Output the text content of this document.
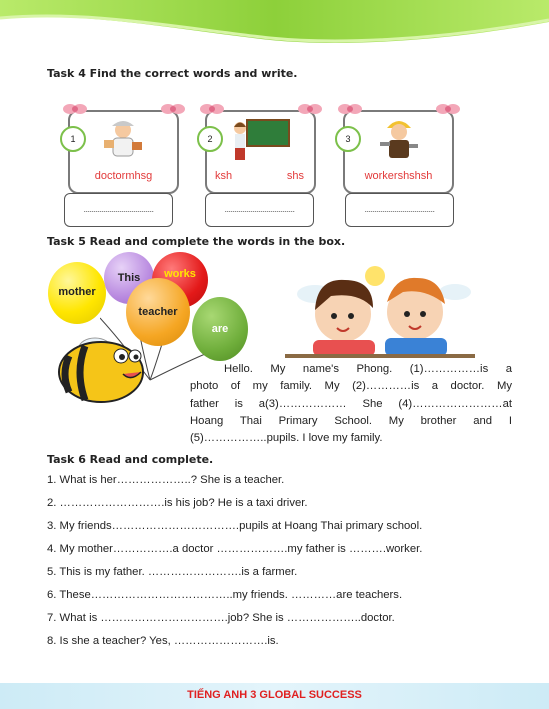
Task 4 Find the correct words and write.
1
doctormhsg
...................................
2
ksh	shs
...................................
3
workershshsh
...................................
Task 5 Read and complete the words in the box.
mother
This	works
teacher
are
Hello. My name's Phong. (1)……………is a
photo of my family. My (2)…………is a doctor. My
father is a(3)……………… She (4)……………………at
Hoang Thai Primary School. My brother and I
(5)……………..pupils. I love my family.
Task 6 Read and complete.
1. What is her………………..? She is a teacher.
2. ……………………….is his job? He is a taxi driver.
3. My friends…………………………….pupils at Hoang Thai primary school.
4. My mother…………….a doctor ……………….my father is ……….worker.
5. This is my father. …………………….is a farmer.
6. These………………………………..my friends. …………are teachers.
7. What is …………………………….job? She is ………………..doctor.
8. Is she a teacher? Yes, …………………….is.
TIẾNG ANH 3 GLOBAL SUCCESS
